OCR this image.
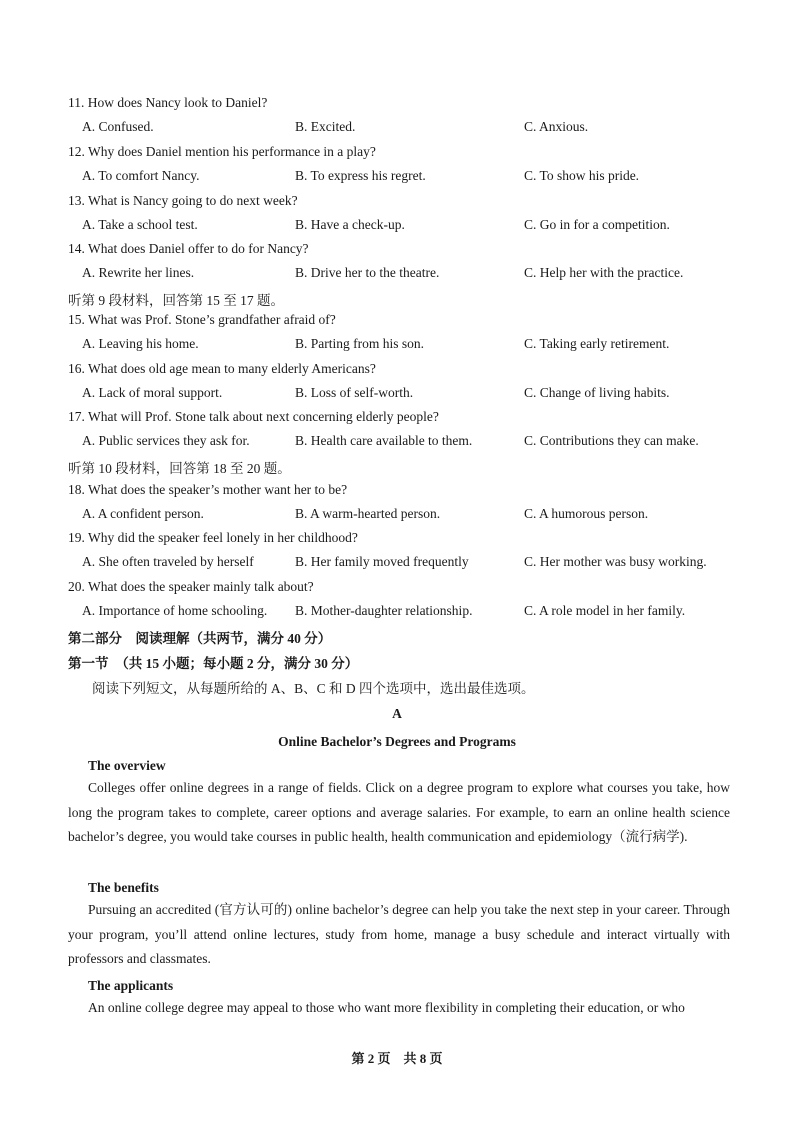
11. How does Nancy look to Daniel?
A. Confused.	B. Excited.	C. Anxious.
12. Why does Daniel mention his performance in a play?
A. To comfort Nancy.	B. To express his regret.	C. To show his pride.
13. What is Nancy going to do next week?
A. Take a school test.	B. Have a check-up.	C. Go in for a competition.
14. What does Daniel offer to do for Nancy?
A. Rewrite her lines.	B. Drive her to the theatre.	C. Help her with the practice.
听第 9 段材料，回答第 15 至 17 题。
15. What was Prof. Stone’s grandfather afraid of?
A. Leaving his home.	B. Parting from his son.	C. Taking early retirement.
16. What does old age mean to many elderly Americans?
A. Lack of moral support.	B. Loss of self-worth.	C. Change of living habits.
17. What will Prof. Stone talk about next concerning elderly people?
A. Public services they ask for.	B. Health care available to them.	C. Contributions they can make.
听第 10 段材料，回答第 18 至 20 题。
18. What does the speaker’s mother want her to be?
A. A confident person.	B. A warm-hearted person.	C. A humorous person.
19. Why did the speaker feel lonely in her childhood?
A. She often traveled by herself	B. Her family moved frequently	C. Her mother was busy working.
20. What does the speaker mainly talk about?
A. Importance of home schooling. B. Mother-daughter relationship.	C. A role model in her family.
第二部分　阅读理解（共两节，满分 40 分）
第一节　（共 15 小题；每小题 2 分，满分 30 分）
阅读下列短文，从每题所给的 A、B、C 和 D 四个选项中，选出最佳选项。
A
Online Bachelor’s Degrees and Programs
The overview

Colleges offer online degrees in a range of fields. Click on a degree program to explore what courses you take, how long the program takes to complete, career options and average salaries. For example, to earn an online health science bachelor’s degree, you would take courses in public health, health communication and epidemiology（流行病学).

The benefits

Pursuing an accredited (官方认可的) online bachelor’s degree can help you take the next step in your career. Through your program, you’ll attend online lectures, study from home, manage a busy schedule and interact virtually with professors and classmates.

The applicants

An online college degree may appeal to those who want more flexibility in completing their education, or who

第 2 页　共 8 页
